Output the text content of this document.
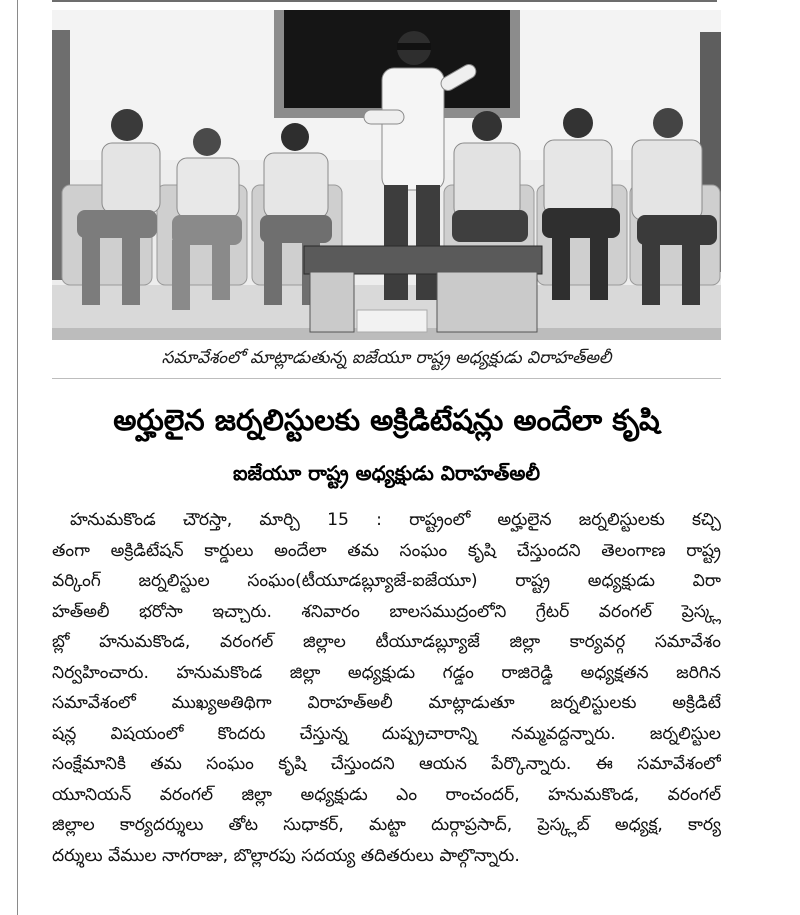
సమావేశంలో మాట్లాడుతున్న ఐజేయూ రాష్ట్ర అధ్యక్షుడు విరాహత్అలీ
అర్హులైన జర్నలిస్టులకు అక్రిడిటేషన్లు అందేలా కృషి
ఐజేయూ రాష్ట్ర అధ్యక్షుడు విరాహత్అలీ
హనుమకొండ చౌరస్తా, మార్చి 15 : రాష్ట్రంలో అర్హులైన జర్నలిస్టులకు కచ్చి
తంగా అక్రిడిటేషన్ కార్డులు అందేలా తమ సంఘం కృషి చేస్తుందని తెలంగాణ రాష్ట్ర
వర్కింగ్ జర్నలిస్టుల సంఘం(టీయూడబ్ల్యూజే-ఐజేయూ) రాష్ట్ర అధ్యక్షుడు విరా
హత్అలీ భరోసా ఇచ్చారు. శనివారం బాలసముద్రంలోని గ్రేటర్ వరంగల్ ప్రెస్క్ల
బ్లో హనుమకొండ, వరంగల్ జిల్లాల టీయూడబ్ల్యూజే జిల్లా కార్యవర్గ సమావేశం
నిర్వహించారు. హనుమకొండ జిల్లా అధ్యక్షుడు గడ్డం రాజిరెడ్డి అధ్యక్షతన జరిగిన
సమావేశంలో ముఖ్యఅతిథిగా విరాహత్అలీ మాట్లాడుతూ జర్నలిస్టులకు అక్రిడిటే
షన్ల విషయంలో కొందరు చేస్తున్న దుష్ప్రచారాన్ని నమ్మవద్దన్నారు. జర్నలిస్టుల
సంక్షేమానికి తమ సంఘం కృషి చేస్తుందని ఆయన పేర్కొన్నారు. ఈ సమావేశంలో
యూనియన్ వరంగల్ జిల్లా అధ్యక్షుడు ఎం రాంచందర్, హనుమకొండ, వరంగల్
జిల్లాల కార్యదర్శులు తోట సుధాకర్, మట్టా దుర్గాప్రసాద్, ప్రెస్క్లబ్ అధ్యక్ష, కార్య
దర్శులు వేముల నాగరాజు, బొల్లారపు సదయ్య తదితరులు పాల్గొన్నారు.
